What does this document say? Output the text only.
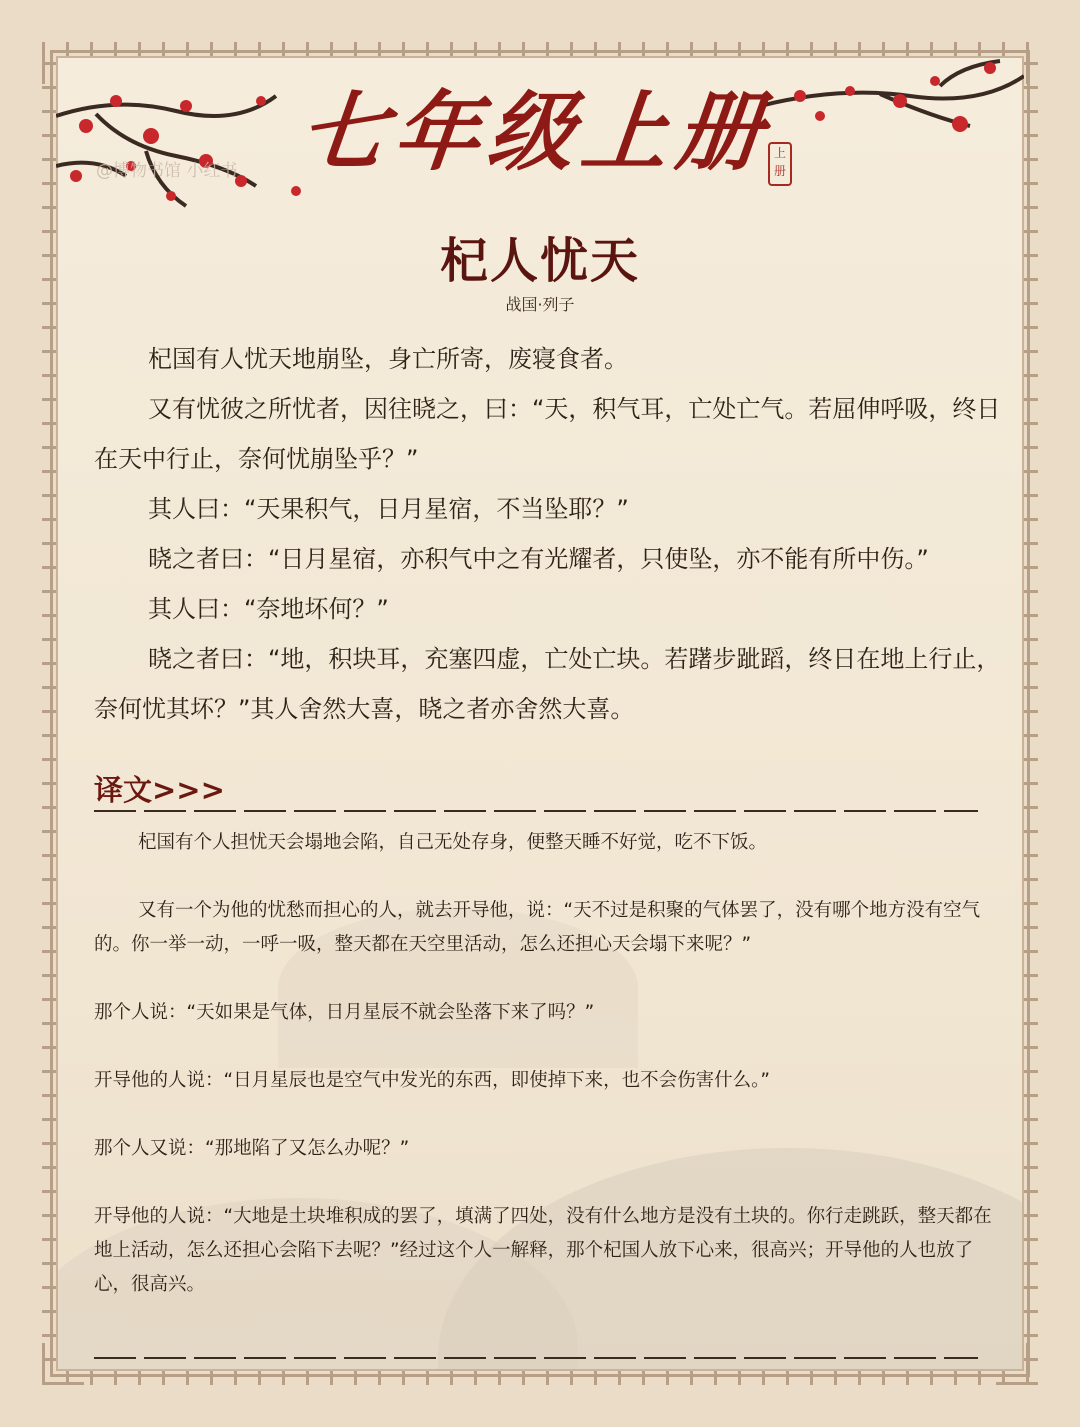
七年级上册
上册
@博物书馆 小红书
杞人忧天
战国·列子

杞国有人忧天地崩坠，身亡所寄，废寝食者。

又有忧彼之所忧者，因往晓之，曰：“天，积气耳，亡处亡气。若屈伸呼吸，终日在天中行止，奈何忧崩坠乎？”

其人曰：“天果积气，日月星宿，不当坠耶？”

晓之者曰：“日月星宿，亦积气中之有光耀者，只使坠，亦不能有所中伤。”

其人曰：“奈地坏何？”

晓之者曰：“地，积块耳，充塞四虚，亡处亡块。若躇步跐蹈，终日在地上行止，奈何忧其坏？”其人舍然大喜，晓之者亦舍然大喜。

译文>>>

杞国有个人担忧天会塌地会陷，自己无处存身，便整天睡不好觉，吃不下饭。

又有一个为他的忧愁而担心的人，就去开导他，说：“天不过是积聚的气体罢了，没有哪个地方没有空气的。你一举一动，一呼一吸，整天都在天空里活动，怎么还担心天会塌下来呢？”

那个人说：“天如果是气体，日月星辰不就会坠落下来了吗？”

开导他的人说：“日月星辰也是空气中发光的东西，即使掉下来，也不会伤害什么。”

那个人又说：“那地陷了又怎么办呢？”

开导他的人说：“大地是土块堆积成的罢了，填满了四处，没有什么地方是没有土块的。你行走跳跃，整天都在地上活动，怎么还担心会陷下去呢？”经过这个人一解释，那个杞国人放下心来，很高兴；开导他的人也放了心，很高兴。
